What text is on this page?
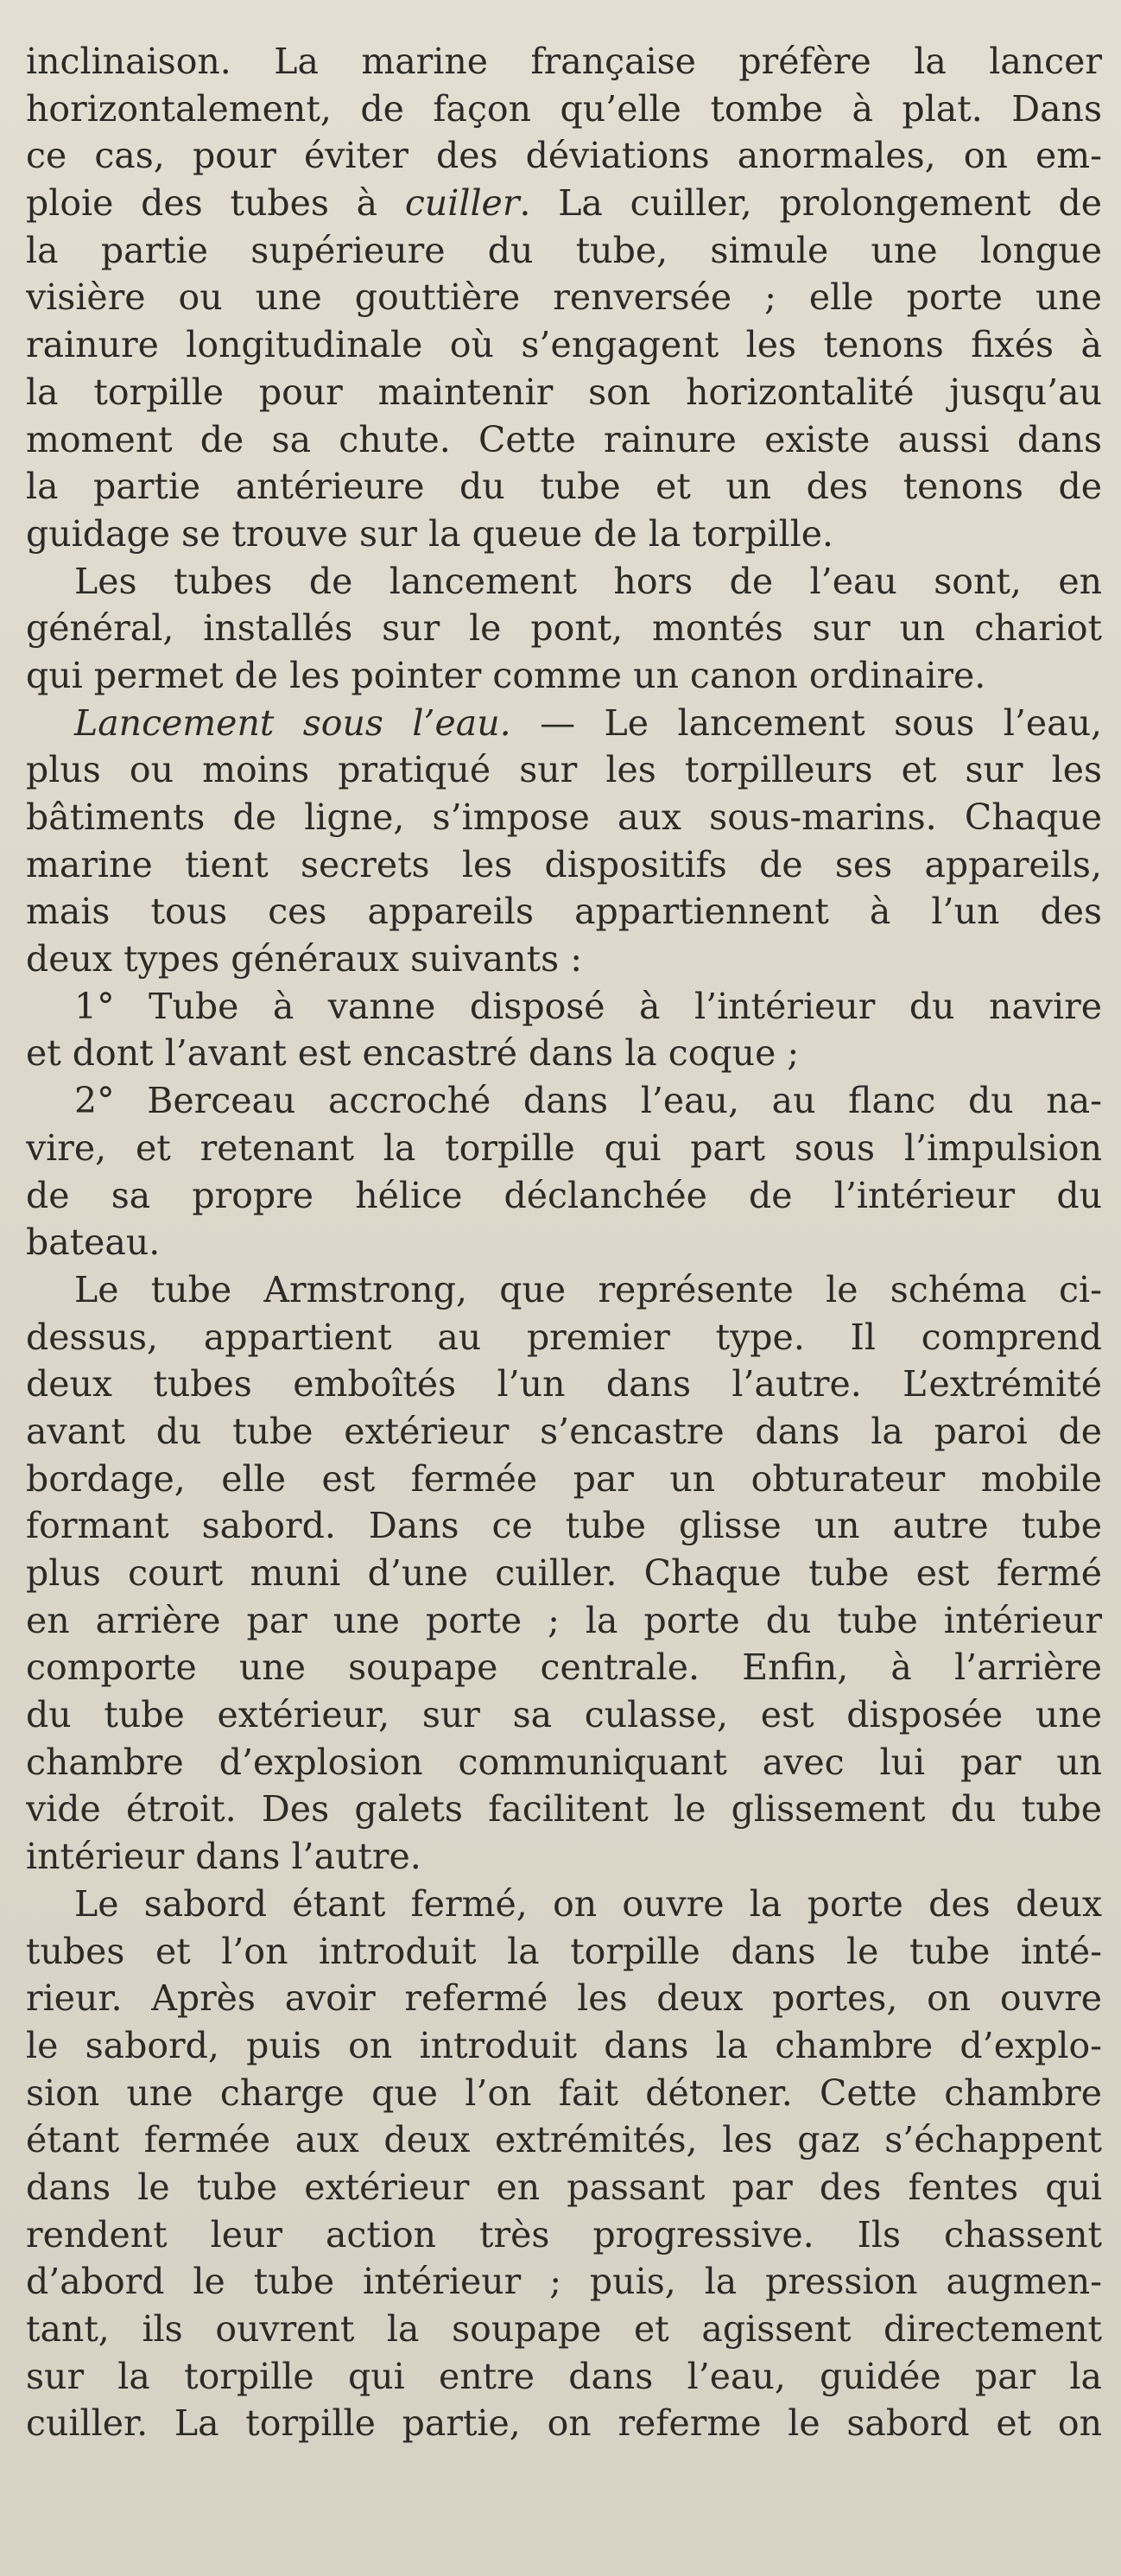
inclinaison. La marine française préfère la lancer
horizontalement, de façon qu’elle tombe à plat. Dans
ce cas, pour éviter des déviations anormales, on em-
ploie des tubes à cuiller. La cuiller, prolongement de
la partie supérieure du tube, simule une longue
visière ou une gouttière renversée ; elle porte une
rainure longitudinale où s’engagent les tenons fixés à
la torpille pour maintenir son horizontalité jusqu’au
moment de sa chute. Cette rainure existe aussi dans
la partie antérieure du tube et un des tenons de
guidage se trouve sur la queue de la torpille.
Les tubes de lancement hors de l’eau sont, en
général, installés sur le pont, montés sur un chariot
qui permet de les pointer comme un canon ordinaire.
Lancement sous l’eau. — Le lancement sous l’eau,
plus ou moins pratiqué sur les torpilleurs et sur les
bâtiments de ligne, s’impose aux sous-marins. Chaque
marine tient secrets les dispositifs de ses appareils,
mais tous ces appareils appartiennent à l’un des
deux types généraux suivants :
1° Tube à vanne disposé à l’intérieur du navire
et dont l’avant est encastré dans la coque ;
2° Berceau accroché dans l’eau, au flanc du na-
vire, et retenant la torpille qui part sous l’impulsion
de sa propre hélice déclanchée de l’intérieur du
bateau.
Le tube Armstrong, que représente le schéma ci-
dessus, appartient au premier type. Il comprend
deux tubes emboîtés l’un dans l’autre. L’extrémité
avant du tube extérieur s’encastre dans la paroi de
bordage, elle est fermée par un obturateur mobile
formant sabord. Dans ce tube glisse un autre tube
plus court muni d’une cuiller. Chaque tube est fermé
en arrière par une porte ; la porte du tube intérieur
comporte une soupape centrale. Enfin, à l’arrière
du tube extérieur, sur sa culasse, est disposée une
chambre d’explosion communiquant avec lui par un
vide étroit. Des galets facilitent le glissement du tube
intérieur dans l’autre.
Le sabord étant fermé, on ouvre la porte des deux
tubes et l’on introduit la torpille dans le tube inté-
rieur. Après avoir refermé les deux portes, on ouvre
le sabord, puis on introduit dans la chambre d’explo-
sion une charge que l’on fait détoner. Cette chambre
étant fermée aux deux extrémités, les gaz s’échappent
dans le tube extérieur en passant par des fentes qui
rendent leur action très progressive. Ils chassent
d’abord le tube intérieur ; puis, la pression augmen-
tant, ils ouvrent la soupape et agissent directement
sur la torpille qui entre dans l’eau, guidée par la
cuiller. La torpille partie, on referme le sabord et on
